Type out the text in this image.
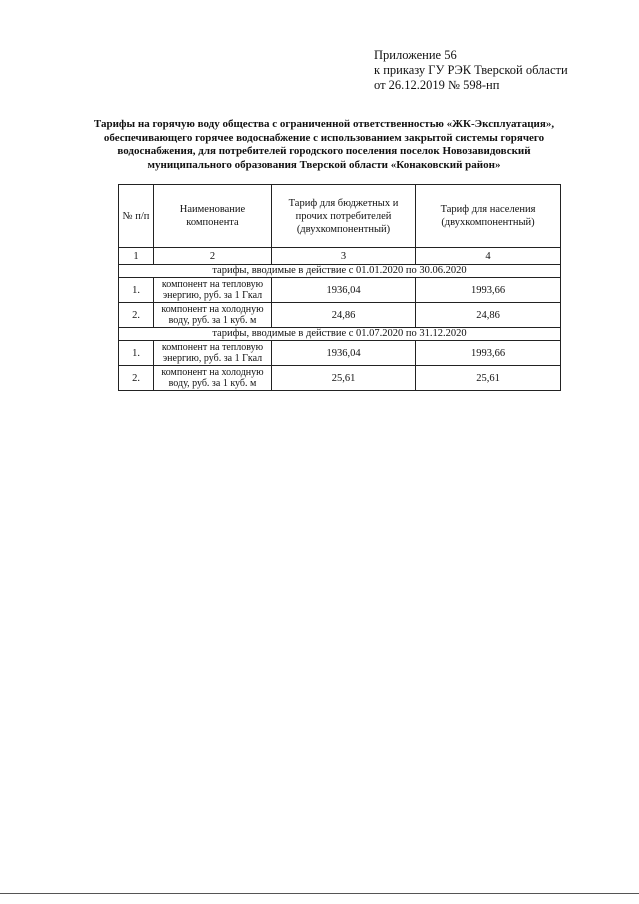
Приложение 56
к приказу ГУ РЭК Тверской области
от 26.12.2019 № 598-нп
Тарифы на горячую воду общества с ограниченной ответственностью «ЖК-Эксплуатация»,
обеспечивающего горячее водоснабжение с использованием закрытой системы горячего
водоснабжения, для потребителей городского поселения поселок Новозавидовский
муниципального образования Тверской области «Конаковский район»
№ п/п	Наименование компонента	Тариф для бюджетных и прочих потребителей (двухкомпонентный)	Тариф для населения (двухкомпонентный)
1	2	3	4
тарифы, вводимые в действие с 01.01.2020 по 30.06.2020			
1.	компонент на тепловую энергию, руб. за 1 Гкал	1936,04	1993,66
2.	компонент на холодную воду, руб. за 1 куб. м	24,86	24,86
тарифы, вводимые в действие с 01.07.2020 по 31.12.2020			
1.	компонент на тепловую энергию, руб. за 1 Гкал	1936,04	1993,66
2.	компонент на холодную воду, руб. за 1 куб. м	25,61	25,61
